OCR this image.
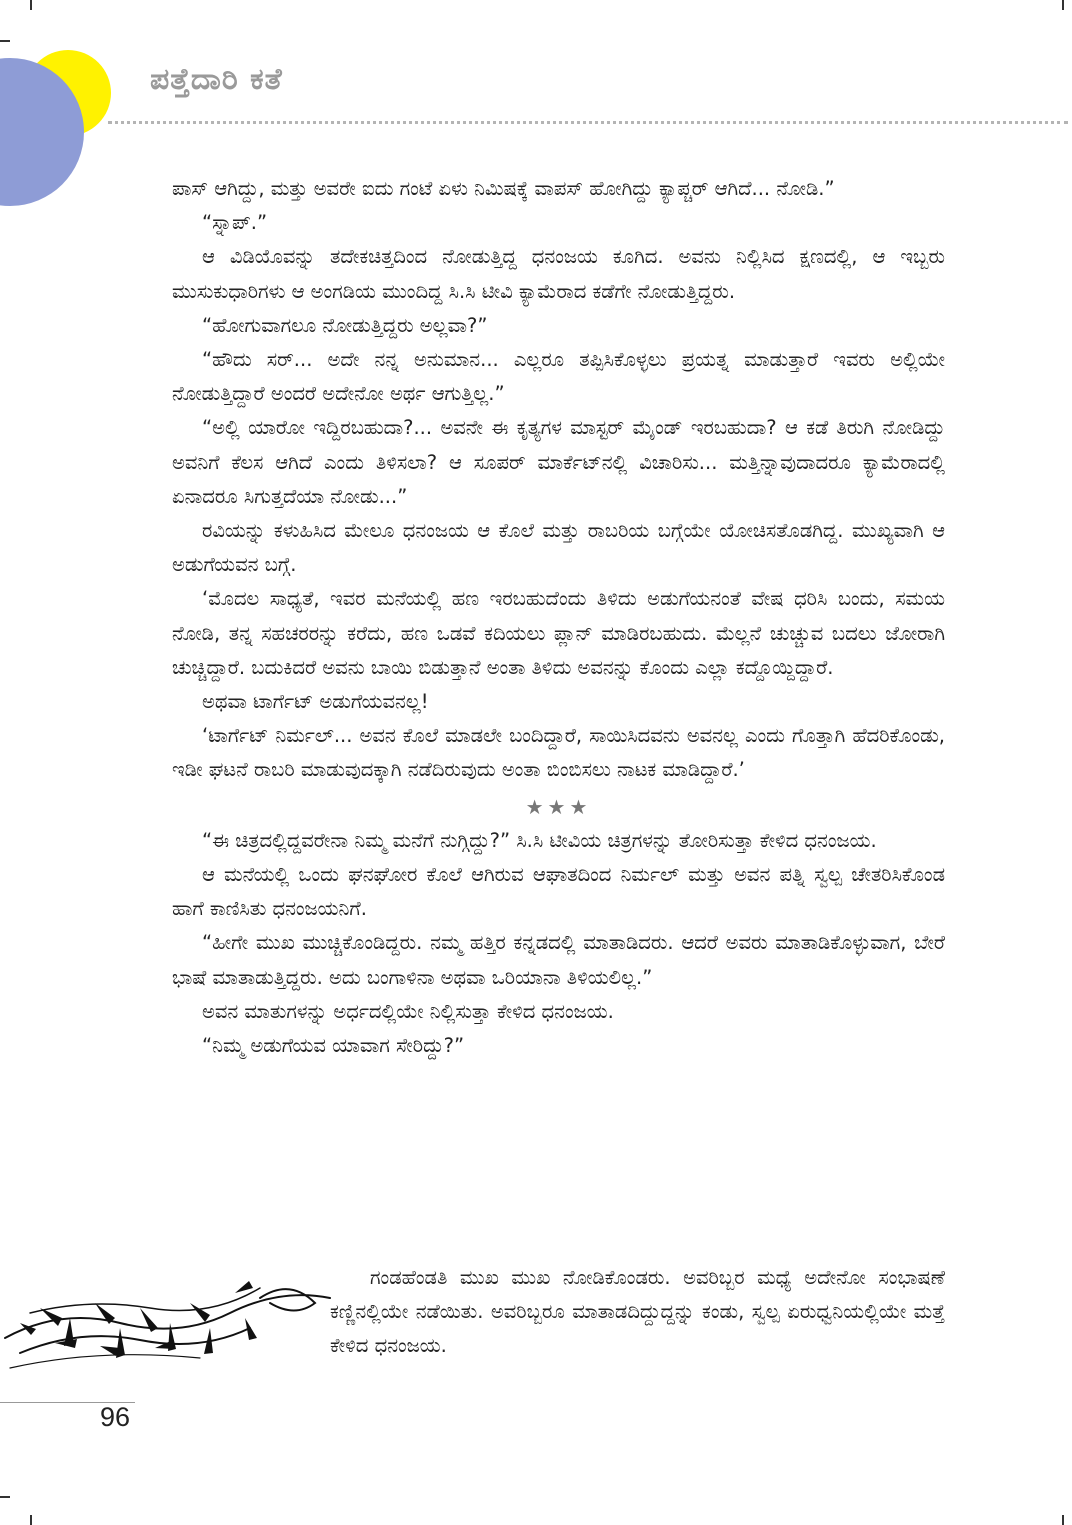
ಪತ್ತೆದಾರಿ ಕತೆ

ಪಾಸ್ ಆಗಿದ್ದು, ಮತ್ತು ಅವರೇ ಐದು ಗಂಟೆ ಏಳು ನಿಮಿಷಕ್ಕೆ ವಾಪಸ್ ಹೋಗಿದ್ದು ಕ್ಯಾಪ್ಚರ್ ಆಗಿದೆ... ನೋಡಿ.”

“ಸ್ನಾಪ್.”

ಆ ವಿಡಿಯೊವನ್ನು ತದೇಕಚಿತ್ತದಿಂದ ನೋಡುತ್ತಿದ್ದ ಧನಂಜಯ ಕೂಗಿದ. ಅವನು ನಿಲ್ಲಿಸಿದ ಕ್ಷಣದಲ್ಲಿ, ಆ ಇಬ್ಬರು ಮುಸುಕುಧಾರಿಗಳು ಆ ಅಂಗಡಿಯ ಮುಂದಿದ್ದ ಸಿ.ಸಿ ಟೀವಿ ಕ್ಯಾಮೆರಾದ ಕಡೆಗೇ ನೋಡುತ್ತಿದ್ದರು.

“ಹೋಗುವಾಗಲೂ ನೋಡುತ್ತಿದ್ದರು ಅಲ್ಲವಾ?”

“ಹೌದು ಸರ್... ಅದೇ ನನ್ನ ಅನುಮಾನ... ಎಲ್ಲರೂ ತಪ್ಪಿಸಿಕೊಳ್ಳಲು ಪ್ರಯತ್ನ ಮಾಡುತ್ತಾರೆ ಇವರು ಅಲ್ಲಿಯೇ ನೋಡುತ್ತಿದ್ದಾರೆ ಅಂದರೆ ಅದೇನೋ ಅರ್ಥ ಆಗುತ್ತಿಲ್ಲ.”

“ಅಲ್ಲಿ ಯಾರೋ ಇದ್ದಿರಬಹುದಾ?... ಅವನೇ ಈ ಕೃತ್ಯಗಳ ಮಾಸ್ಟರ್ ಮೈಂಡ್ ಇರಬಹುದಾ? ಆ ಕಡೆ ತಿರುಗಿ ನೋಡಿದ್ದು ಅವನಿಗೆ ಕೆಲಸ ಆಗಿದೆ ಎಂದು ತಿಳಿಸಲಾ? ಆ ಸೂಪರ್ ಮಾರ್ಕೆಟ್‌ನಲ್ಲಿ ವಿಚಾರಿಸು... ಮತ್ತಿನ್ನಾವುದಾದರೂ ಕ್ಯಾಮೆರಾದಲ್ಲಿ ಏನಾದರೂ ಸಿಗುತ್ತದೆಯಾ ನೋಡು...”

ರವಿಯನ್ನು ಕಳುಹಿಸಿದ ಮೇಲೂ ಧನಂಜಯ ಆ ಕೊಲೆ ಮತ್ತು ರಾಬರಿಯ ಬಗ್ಗೆಯೇ ಯೋಚಿಸತೊಡಗಿದ್ದ. ಮುಖ್ಯವಾಗಿ ಆ ಅಡುಗೆಯವನ ಬಗ್ಗೆ.

‘ಮೊದಲ ಸಾಧ್ಯತೆ, ಇವರ ಮನೆಯಲ್ಲಿ ಹಣ ಇರಬಹುದೆಂದು ತಿಳಿದು ಅಡುಗೆಯನಂತೆ ವೇಷ ಧರಿಸಿ ಬಂದು, ಸಮಯ ನೋಡಿ, ತನ್ನ ಸಹಚರರನ್ನು ಕರೆದು, ಹಣ ಒಡವೆ ಕದಿಯಲು ಪ್ಲಾನ್ ಮಾಡಿರಬಹುದು. ಮೆಲ್ಲನೆ ಚುಚ್ಚುವ ಬದಲು ಜೋರಾಗಿ ಚುಚ್ಚಿದ್ದಾರೆ. ಬದುಕಿದರೆ ಅವನು ಬಾಯಿ ಬಿಡುತ್ತಾನೆ ಅಂತಾ ತಿಳಿದು ಅವನನ್ನು ಕೊಂದು ಎಲ್ಲಾ ಕದ್ದೊಯ್ದಿದ್ದಾರೆ.

ಅಥವಾ ಟಾರ್ಗೆಟ್ ಅಡುಗೆಯವನಲ್ಲ!

‘ಟಾರ್ಗೆಟ್ ನಿರ್ಮಲ್... ಅವನ ಕೊಲೆ ಮಾಡಲೇ ಬಂದಿದ್ದಾರೆ, ಸಾಯಿಸಿದವನು ಅವನಲ್ಲ ಎಂದು ಗೊತ್ತಾಗಿ ಹೆದರಿಕೊಂಡು, ಇಡೀ ಘಟನೆ ರಾಬರಿ ಮಾಡುವುದಕ್ಕಾಗಿ ನಡೆದಿರುವುದು ಅಂತಾ ಬಿಂಬಿಸಲು ನಾಟಕ ಮಾಡಿದ್ದಾರೆ.’

★★★

“ಈ ಚಿತ್ರದಲ್ಲಿದ್ದವರೇನಾ ನಿಮ್ಮ ಮನೆಗೆ ನುಗ್ಗಿದ್ದು?” ಸಿ.ಸಿ ಟೀವಿಯ ಚಿತ್ರಗಳನ್ನು ತೋರಿಸುತ್ತಾ ಕೇಳಿದ ಧನಂಜಯ.

ಆ ಮನೆಯಲ್ಲಿ ಒಂದು ಘನಘೋರ ಕೊಲೆ ಆಗಿರುವ ಆಘಾತದಿಂದ ನಿರ್ಮಲ್ ಮತ್ತು ಅವನ ಪತ್ನಿ ಸ್ವಲ್ಪ ಚೇತರಿಸಿಕೊಂಡ ಹಾಗೆ ಕಾಣಿಸಿತು ಧನಂಜಯನಿಗೆ.

“ಹೀಗೇ ಮುಖ ಮುಚ್ಚಿಕೊಂಡಿದ್ದರು. ನಮ್ಮ ಹತ್ತಿರ ಕನ್ನಡದಲ್ಲಿ ಮಾತಾಡಿದರು. ಆದರೆ ಅವರು ಮಾತಾಡಿಕೊಳ್ಳುವಾಗ, ಬೇರೆ ಭಾಷೆ ಮಾತಾಡುತ್ತಿದ್ದರು. ಅದು ಬಂಗಾಳಿನಾ ಅಥವಾ ಒರಿಯಾನಾ ತಿಳಿಯಲಿಲ್ಲ.”

ಅವನ ಮಾತುಗಳನ್ನು ಅರ್ಧದಲ್ಲಿಯೇ ನಿಲ್ಲಿಸುತ್ತಾ ಕೇಳಿದ ಧನಂಜಯ.

“ನಿಮ್ಮ ಅಡುಗೆಯವ ಯಾವಾಗ ಸೇರಿದ್ದು?”

ಗಂಡಹೆಂಡತಿ ಮುಖ ಮುಖ ನೋಡಿಕೊಂಡರು. ಅವರಿಬ್ಬರ ಮಧ್ಯೆ ಅದೇನೋ ಸಂಭಾಷಣೆ ಕಣ್ಣಿನಲ್ಲಿಯೇ ನಡೆಯಿತು. ಅವರಿಬ್ಬರೂ ಮಾತಾಡದಿದ್ದುದ್ದನ್ನು ಕಂಡು, ಸ್ವಲ್ಪ ಏರುಧ್ವನಿಯಲ್ಲಿಯೇ ಮತ್ತೆ ಕೇಳಿದ ಧನಂಜಯ.

96
